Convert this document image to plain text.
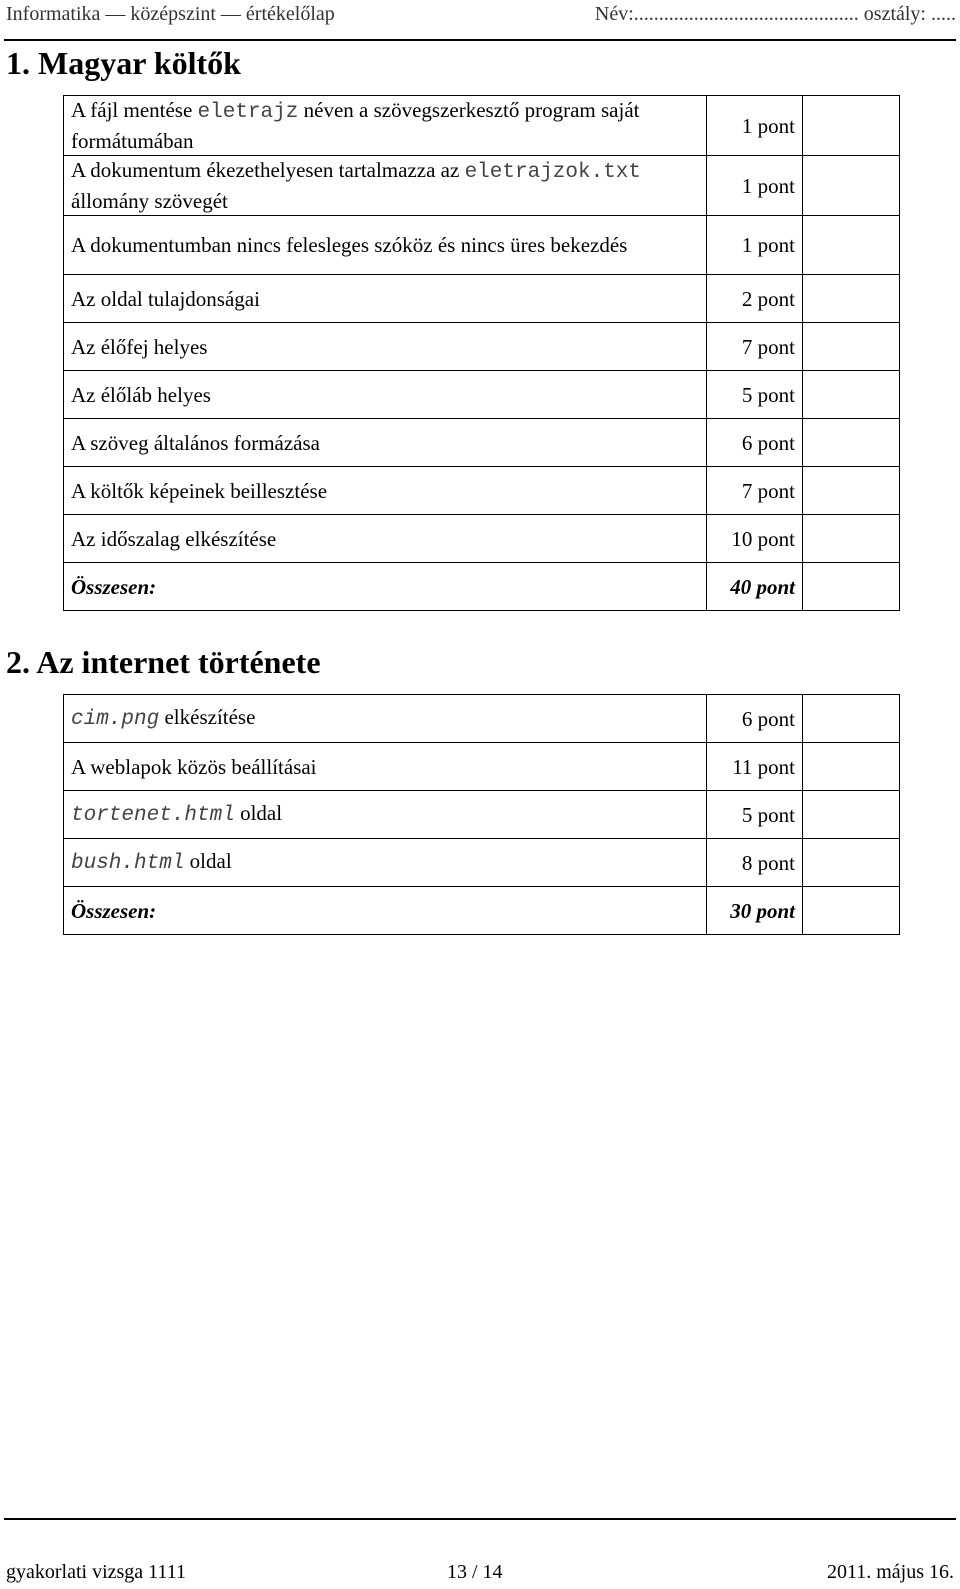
Informatika — középszint — értékelőlap	Név:............................................. osztály: .....
1. Magyar költők
A fájl mentése eletrajz néven a szövegszerkesztő program saját formátumában	1 pont	
A dokumentum ékezethelyesen tartalmazza az eletrajzok.txt állomány szövegét	1 pont	
A dokumentumban nincs felesleges szóköz és nincs üres bekezdés	1 pont	
Az oldal tulajdonságai	2 pont	
Az élőfej helyes	7 pont	
Az élőláb helyes	5 pont	
A szöveg általános formázása	6 pont	
A költők képeinek beillesztése	7 pont	
Az időszalag elkészítése	10 pont	
Összesen:	40 pont	
2. Az internet története
cim.png elkészítése	6 pont	
A weblapok közös beállításai	11 pont	
tortenet.html oldal	5 pont	
bush.html oldal	8 pont	
Összesen:	30 pont	
gyakorlati vizsga 1111	13 / 14	2011. május 16.
